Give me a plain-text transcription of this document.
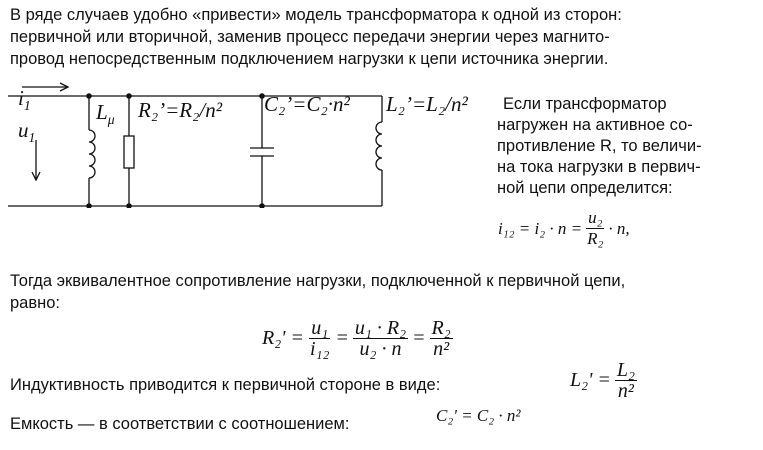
В ряде случаев удобно «привести» модель трансформатора к одной из сторон:
первичной или вторичной, заменив процесс передачи энергии через магнито-
провод непосредственным подключением нагрузки к цепи источника энергии.
$i_1$
$u_1$
$L_\mu$ R₂’=R₂/n² C₂’=C₂·n² L₂’=L₂/n²	Если трансформатор
нагружен на активное со-
противление R, то величи-
на тока нагрузки в первич-
ной цепи определится:
$i_{12} = i_2 \cdot n = \frac{\text{u₂}}{\text{R₂}} \cdot n$,
Тогда эквивалентное сопротивление нагрузки, подключенной к первичной цепи,
равно:
$R_2' = \frac{\text{u₁}}{\text{i₁₂}} = \frac{\text{u₁ · R₂}}{\text{u₂ · n}} = \frac{\text{R₂}}{\text{n²}}$
Индуктивность приводится к первичной стороне в виде:	$L_2' = \frac{\text{L₂}}{\text{n²}}$
Емкость — в соответствии с соотношением:	C₂' = C₂ · n²
